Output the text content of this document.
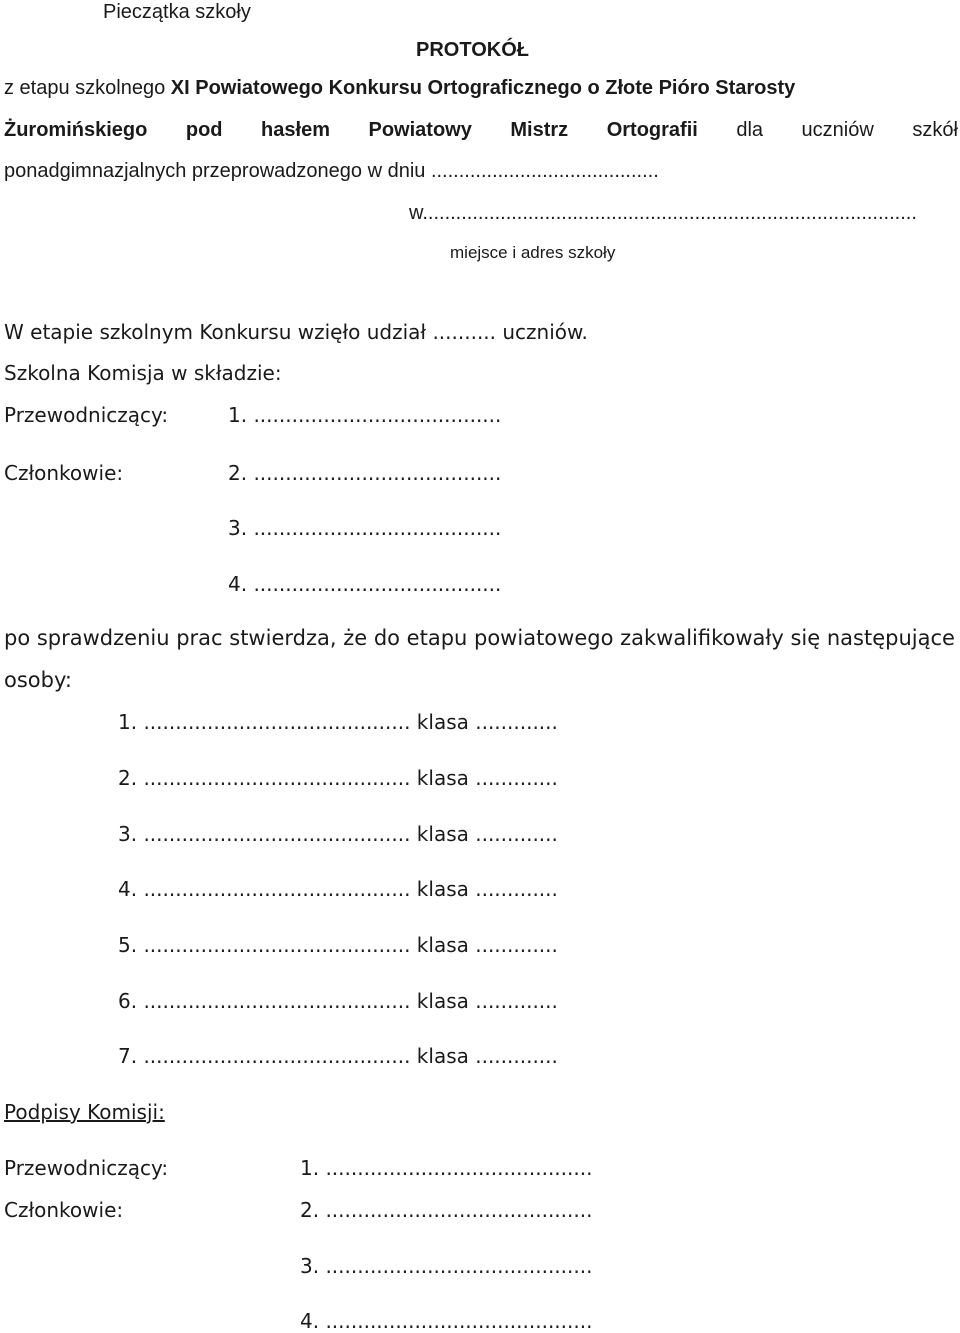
Pieczątka szkoły
PROTOKÓŁ
z etapu szkolnego XI Powiatowego Konkursu Ortograficznego o Złote Pióro Starosty
Żuromińskiego pod hasłem Powiatowy Mistrz Ortografii dla uczniów szkół
ponadgimnazjalnych przeprowadzonego w dniu .........................................
w.........................................................................................
miejsce i adres szkoły
W etapie szkolnym Konkursu wzięło udział .......... uczniów.
Szkolna Komisja w składzie:
Przewodniczący:	1. .......................................
Członkowie:	2. .......................................
3. .......................................
4. .......................................
po sprawdzeniu prac stwierdza, że do etapu powiatowego zakwalifikowały się następujące
osoby:
1. .......................................... klasa .............
2. .......................................... klasa .............
3. .......................................... klasa .............
4. .......................................... klasa .............
5. .......................................... klasa .............
6. .......................................... klasa .............
7. .......................................... klasa .............
Podpisy Komisji:
Przewodniczący:	1. ..........................................
Członkowie:	2. ..........................................
3. ..........................................
4. ..........................................
